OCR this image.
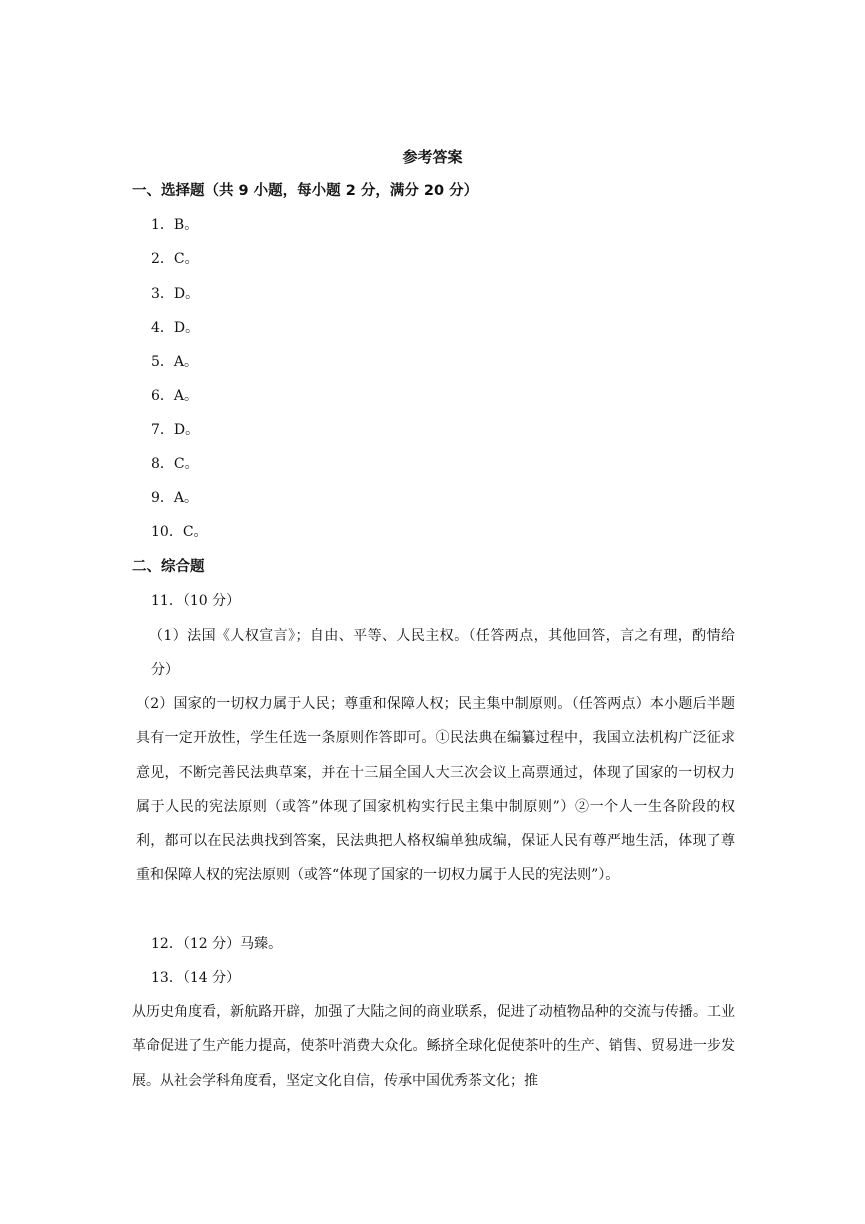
参考答案
一、选择题（共 9 小题，每小题 2 分，满分 20 分）
1．B。
2．C。
3．D。
4．D。
5．A。
6．A。
7．D。
8．C。
9．A。
10．C。
二、综合题
11．（10 分）
（1）法国《人权宣言》；自由、平等、人民主权。（任答两点，其他回答，言之有理，酌情给分）
（2）国家的一切权力属于人民；尊重和保障人权；民主集中制原则。（任答两点）本小题后半题具有一定开放性，学生任选一条原则作答即可。①民法典在编纂过程中，我国立法机构广泛征求意见，不断完善民法典草案，并在十三届全国人大三次会议上高票通过，体现了国家的一切权力属于人民的宪法原则（或答”体现了国家机构实行民主集中制原则”）②一个人一生各阶段的权利，都可以在民法典找到答案，民法典把人格权编单独成编，保证人民有尊严地生活，体现了尊重和保障人权的宪法原则（或答“体现了国家的一切权力属于人民的宪法则”）。
12．（12 分）马臻。
13．（14 分）
从历史角度看，新航路开辟，加强了大陆之间的商业联系，促进了动植物品种的交流与传播。工业革命促进了生产能力提高，使茶叶消费大众化。鲧挤全球化促使茶叶的生产、销售、贸易进一步发展。从社会学科角度看，坚定文化自信，传承中国优秀茶文化；推
